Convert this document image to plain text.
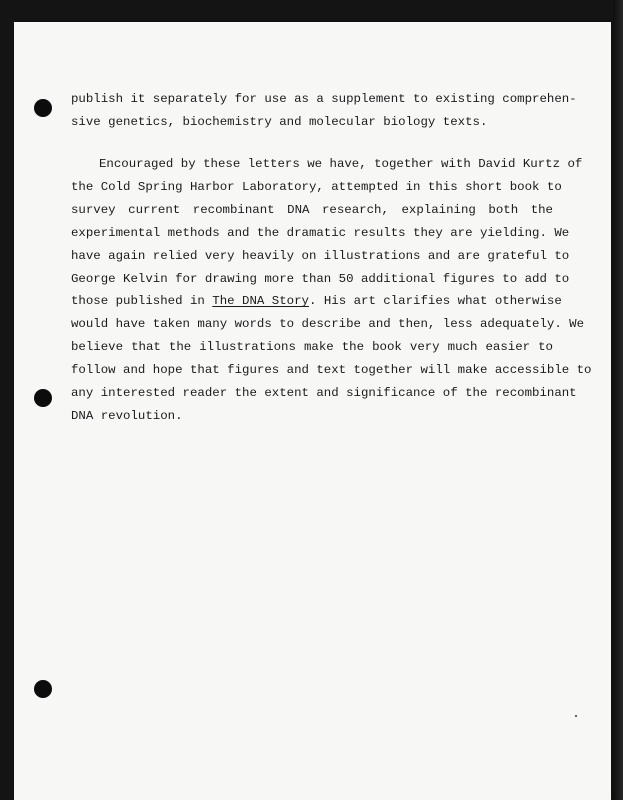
publish it separately for use as a supplement to existing comprehen-
sive genetics, biochemistry and molecular biology texts.
Encouraged by these letters we have, together with David Kurtz of
the Cold Spring Harbor Laboratory, attempted in this short book to
survey current recombinant DNA research, explaining both the
experimental methods and the dramatic results they are yielding. We
have again relied very heavily on illustrations and are grateful to
George Kelvin for drawing more than 50 additional figures to add to
those published in The DNA Story. His art clarifies what otherwise
would have taken many words to describe and then, less adequately. We
believe that the illustrations make the book very much easier to
follow and hope that figures and text together will make accessible to
any interested reader the extent and significance of the recombinant
DNA revolution.
